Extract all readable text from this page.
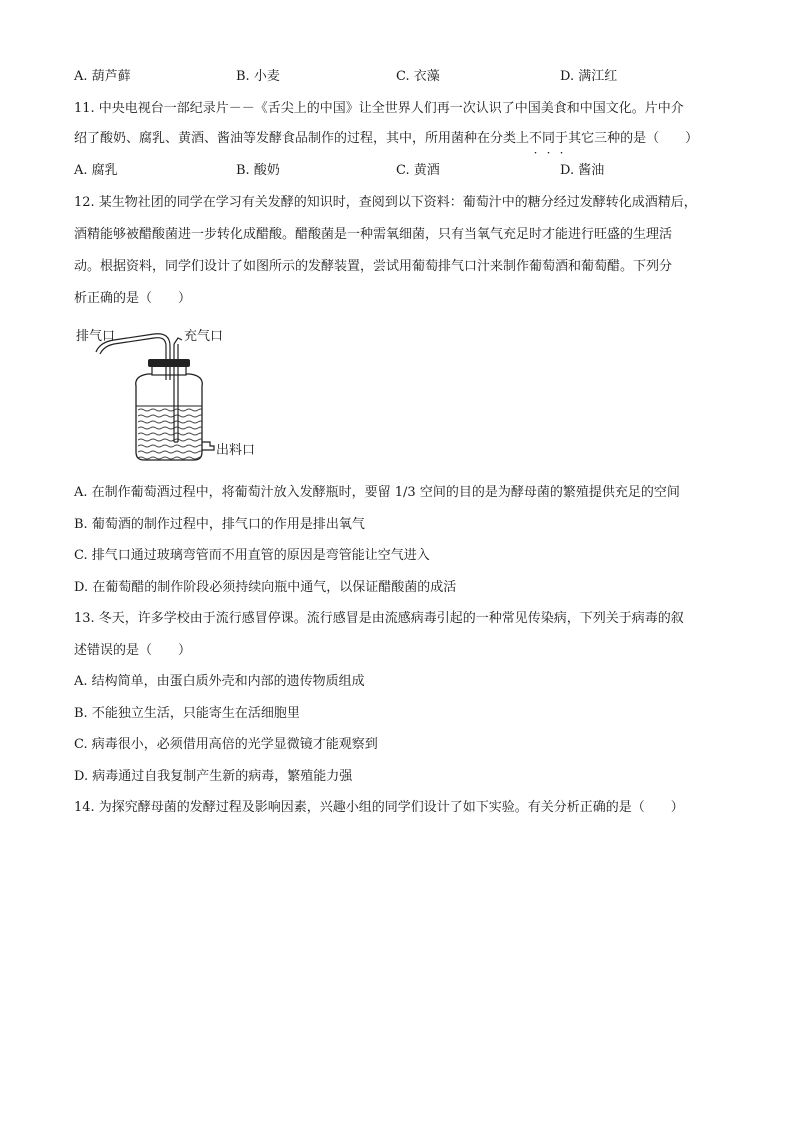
A. 葫芦藓	B. 小麦	C. 衣藻	D. 满江红
11. 中央电视台一部纪录片－－《舌尖上的中国》让全世界人们再一次认识了中国美食和中国文化。片中介
绍了酸奶、腐乳、黄酒、酱油等发酵食品制作的过程，其中，所用菌种在分类上不同于其它三种的是（　　）
A. 腐乳	B. 酸奶	C. 黄酒	D. 酱油
12. 某生物社团的同学在学习有关发酵的知识时，查阅到以下资料：葡萄汁中的糖分经过发酵转化成酒精后，
酒精能够被醋酸菌进一步转化成醋酸。醋酸菌是一种需氧细菌，只有当氧气充足时才能进行旺盛的生理活
动。根据资料，同学们设计了如图所示的发酵装置，尝试用葡萄排气口汁来制作葡萄酒和葡萄醋。下列分
析正确的是（　　）
排气口	充气口
出料口
A. 在制作葡萄酒过程中，将葡萄汁放入发酵瓶时，要留 1/3 空间的目的是为酵母菌的繁殖提供充足的空间
B. 葡萄酒的制作过程中，排气口的作用是排出氧气
C. 排气口通过玻璃弯管而不用直管的原因是弯管能让空气进入
D. 在葡萄醋的制作阶段必须持续向瓶中通气，以保证醋酸菌的成活
13. 冬天，许多学校由于流行感冒停课。流行感冒是由流感病毒引起的一种常见传染病，下列关于病毒的叙
述错误的是（　　）
A. 结构简单，由蛋白质外壳和内部的遗传物质组成
B. 不能独立生活，只能寄生在活细胞里
C. 病毒很小，必须借用高倍的光学显微镜才能观察到
D. 病毒通过自我复制产生新的病毒，繁殖能力强
14. 为探究酵母菌的发酵过程及影响因素，兴趣小组的同学们设计了如下实验。有关分析正确的是（　　）
